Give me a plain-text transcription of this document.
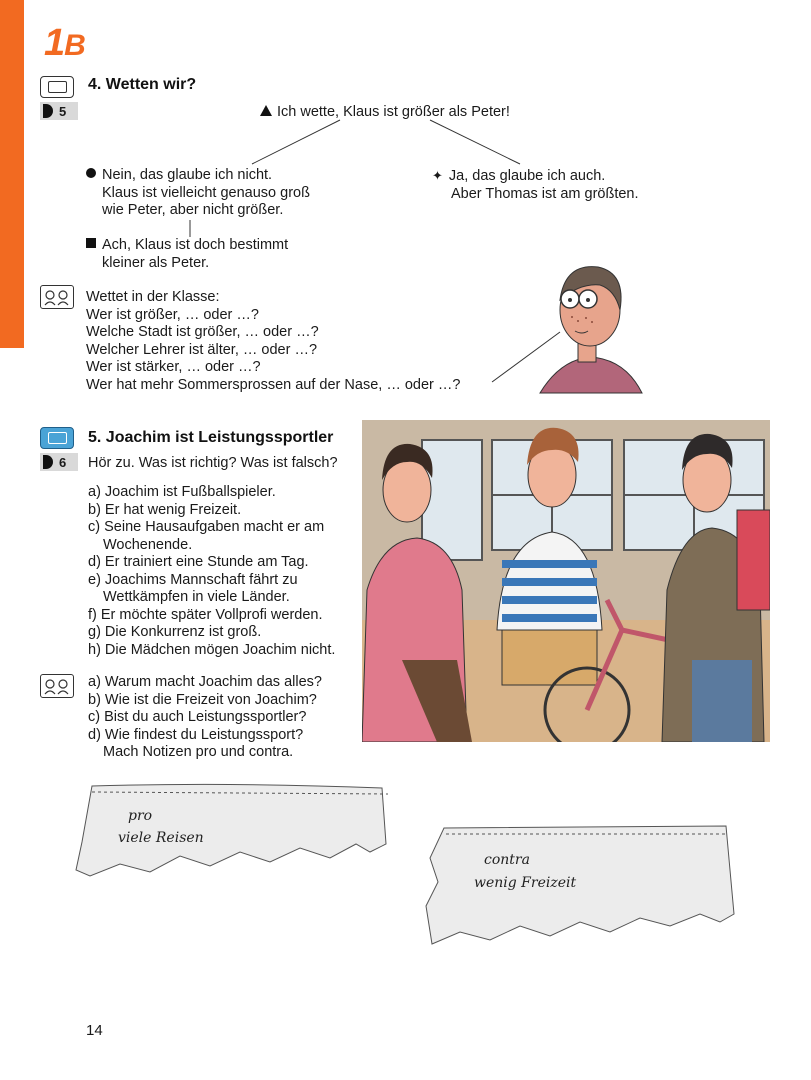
1B
4. Wetten wir?
5	Ich wette, Klaus ist größer als Peter!
Nein, das glaube ich nicht.
Klaus ist vielleicht genauso groß
wie Peter, aber nicht größer.
✦ Ja, das glaube ich auch.
Aber Thomas ist am größten.
Ach, Klaus ist doch bestimmt
kleiner als Peter.
Wettet in der Klasse:
Wer ist größer, … oder …?
Welche Stadt ist größer, … oder …?
Welcher Lehrer ist älter, … oder …?
Wer ist stärker, … oder …?
Wer hat mehr Sommersprossen auf der Nase, … oder …?
5. Joachim ist Leistungssportler
6 Hör zu. Was ist richtig? Was ist falsch?
a) Joachim ist Fußballspieler.
b) Er hat wenig Freizeit.
c) Seine Hausaufgaben macht er am
Wochenende.
d) Er trainiert eine Stunde am Tag.
e) Joachims Mannschaft fährt zu
Wettkämpfen in viele Länder.
f) Er möchte später Vollprofi werden.
g) Die Konkurrenz ist groß.
h) Die Mädchen mögen Joachim nicht.
a) Warum macht Joachim das alles?
b) Wie ist die Freizeit von Joachim?
c) Bist du auch Leistungssportler?
d) Wie findest du Leistungssport?
Mach Notizen pro und contra.
pro
viele Reisen
contra
wenig Freizeit
14
